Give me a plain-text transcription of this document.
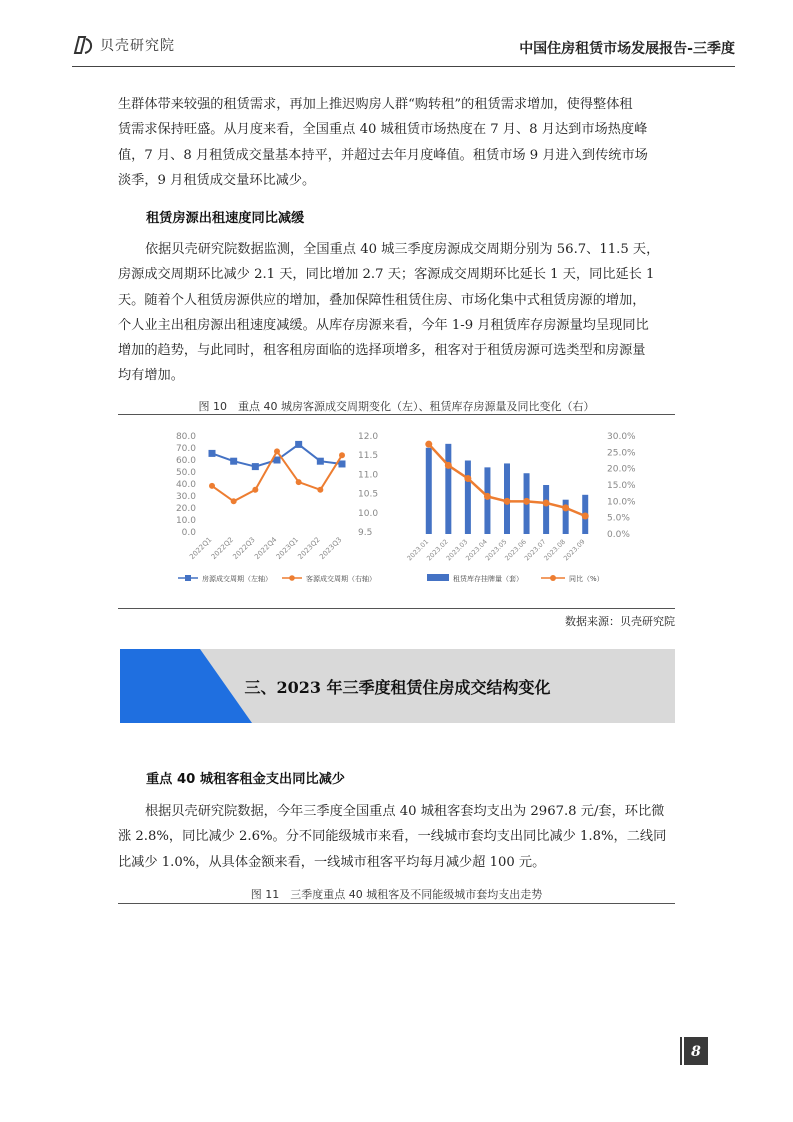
贝壳研究院	中国住房租赁市场发展报告-三季度
生群体带来较强的租赁需求，再加上推迟购房人群“购转租”的租赁需求增加，使得整体租
赁需求保持旺盛。从月度来看，全国重点 40 城租赁市场热度在 7 月、8 月达到市场热度峰
值，7 月、8 月租赁成交量基本持平，并超过去年月度峰值。租赁市场 9 月进入到传统市场
淡季，9 月租赁成交量环比减少。
租赁房源出租速度同比减缓
依据贝壳研究院数据监测，全国重点 40 城三季度房源成交周期分别为 56.7、11.5 天，
房源成交周期环比减少 2.1 天，同比增加 2.7 天；客源成交周期环比延长 1 天，同比延长 1
天。随着个人租赁房源供应的增加，叠加保障性租赁住房、市场化集中式租赁房源的增加，
个人业主出租房源出租速度减缓。从库存房源来看，今年 1-9 月租赁库存房源量均呈现同比
增加的趋势，与此同时，租客租房面临的选择项增多，租客对于租赁房源可选类型和房源量
均有增加。
图 10　重点 40 城房客源成交周期变化（左）、租赁库存房源量及同比变化（右）
80.0
70.0
60.0
50.0
40.0
30.0
20.0
10.0
0.0
12.0
11.5
11.0
10.5
10.0
9.5
2022Q1
2022Q2
2022Q3
2022Q4
2023Q1
2023Q2
2023Q3
房源成交周期（左轴）	客源成交周期（右轴）
30.0%
25.0%
20.0%
15.0%
10.0%
5.0%
0.0%
2023.01
2023.02
2023.03
2023.04
2023.05
2023.06
2023.07
2023.08
2023.09
租赁库存挂牌量（套）	同比（%）
数据来源：贝壳研究院
三、2023 年三季度租赁住房成交结构变化
重点 40 城租客租金支出同比减少
根据贝壳研究院数据，今年三季度全国重点 40 城租客套均支出为 2967.8 元/套，环比微
涨 2.8%，同比减少 2.6%。分不同能级城市来看，一线城市套均支出同比减少 1.8%，二线同
比减少 1.0%，从具体金额来看，一线城市租客平均每月减少超 100 元。
图 11　三季度重点 40 城租客及不同能级城市套均支出走势
8
